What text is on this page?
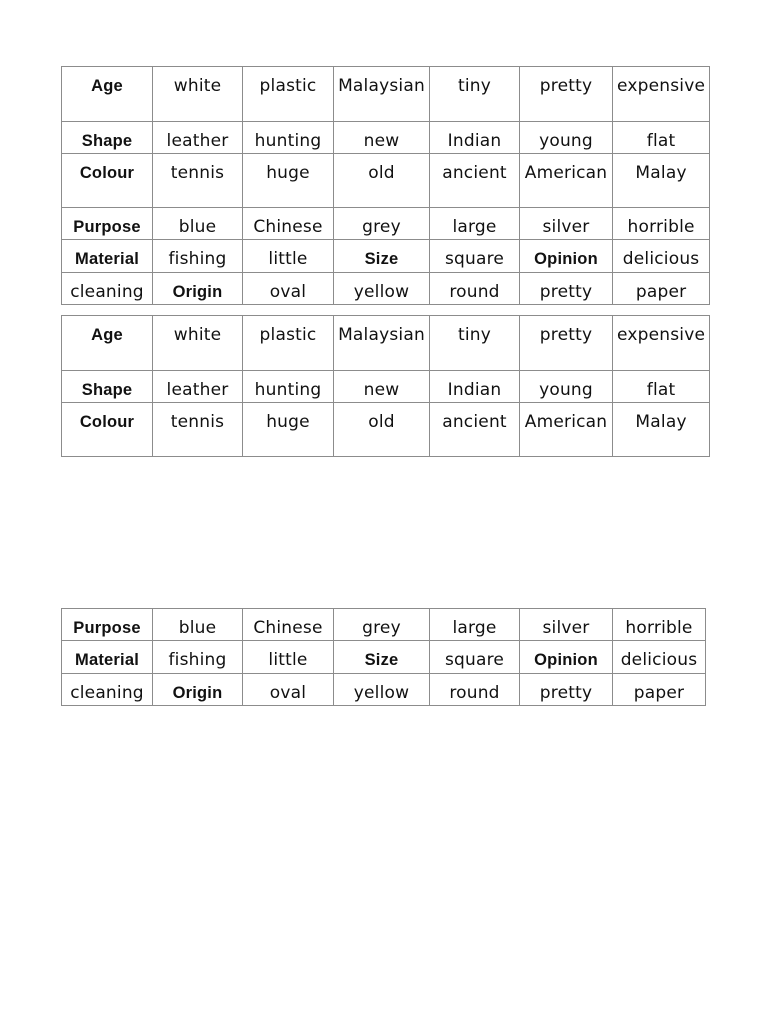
Age	white	plastic	Malaysian	tiny	pretty	expensive
Shape	leather	hunting	new	Indian	young	flat
Colour	tennis	huge	old	ancient	American	Malay
Purpose	blue	Chinese	grey	large	silver	horrible
Material	fishing	little	Size	square	Opinion	delicious
cleaning	Origin	oval	yellow	round	pretty	paper
Age	white	plastic	Malaysian	tiny	pretty	expensive
Shape	leather	hunting	new	Indian	young	flat
Colour	tennis	huge	old	ancient	American	Malay
Purpose	blue	Chinese	grey	large	silver	horrible
Material	fishing	little	Size	square	Opinion	delicious
cleaning	Origin	oval	yellow	round	pretty	paper
